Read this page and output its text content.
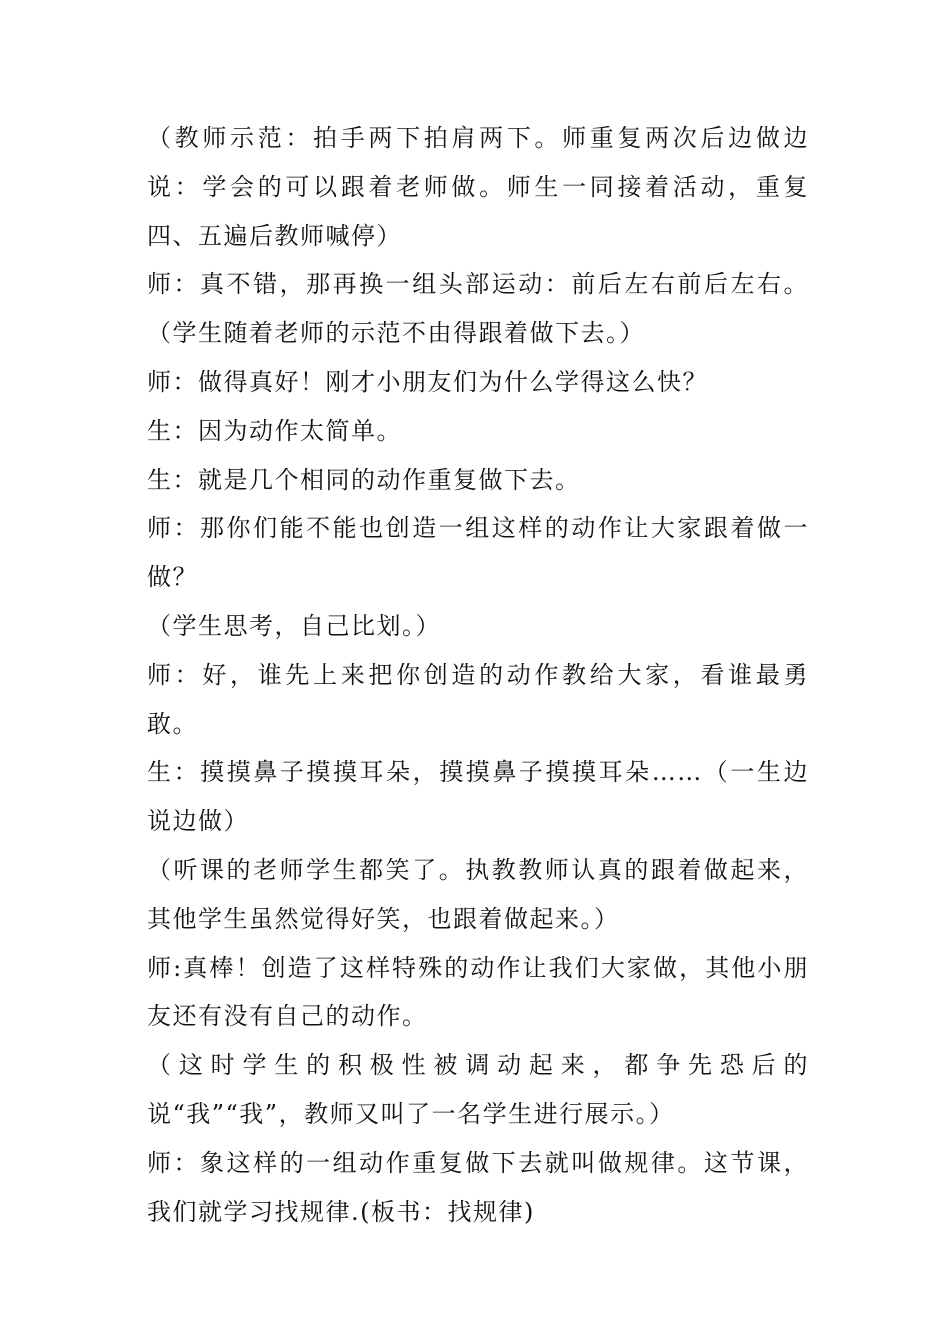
（教师示范：拍手两下拍肩两下。师重复两次后边做边说：学会的可以跟着老师做。师生一同接着活动，重复四、五遍后教师喊停）

师：真不错，那再换一组头部运动：前后左右前后左右。（学生随着老师的示范不由得跟着做下去。）

师：做得真好！刚才小朋友们为什么学得这么快？

生：因为动作太简单。

生：就是几个相同的动作重复做下去。

师：那你们能不能也创造一组这样的动作让大家跟着做一做？

（学生思考，自己比划。）

师：好，谁先上来把你创造的动作教给大家，看谁最勇敢。

生：摸摸鼻子摸摸耳朵，摸摸鼻子摸摸耳朵……（一生边说边做）

（听课的老师学生都笑了。执教教师认真的跟着做起来，其他学生虽然觉得好笑，也跟着做起来。）

师:真棒！创造了这样特殊的动作让我们大家做，其他小朋友还有没有自己的动作。

（这时学生的积极性被调动起来，都争先恐后的说“我”“我”，教师又叫了一名学生进行展示。）

师：象这样的一组动作重复做下去就叫做规律。这节课，我们就学习找规律.(板书：找规律)
